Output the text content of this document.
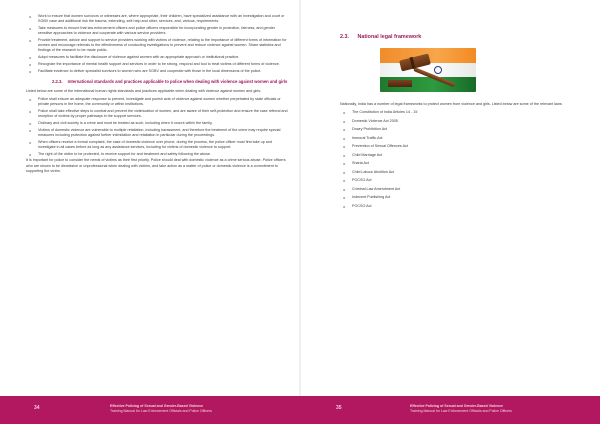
o Work to ensure that women survivors or witnesses are, where appropriate, their children, have specialized assistance with an investigation and court or SGBV case and additional risk the trauma, extending, self-help and other, services, and, various, requirements.
o Take measures to ensure that law enforcement officers and police officers responsible for incorporating gender in protection, fairness, and gender sensitive approaches to violence and cooperate with various service providers.
o Provide treatment, advice and support to service providers working with victims of violence, relating to the importance of different forms of information for women and encourage referrals to the effectiveness of conducting investigations to prevent and reduce violence against women. Share statistics and findings of the research to be made public.
o Adopt measures to facilitate the disclosure of violence against women with an appropriate approach or institutional practice.
o Recognize the importance of mental health support and services in order to be strong, respond and tool to treat victims of different forms of violence.
o Facilitate evidence to deliver specialist survivors to women who are SGBV and cooperate with those in the local dimensions of the police.
2.2.3. International standards and practices applicable to police when dealing with violence against women and girls

Listed below are some of the international human rights standards and practices applicable when dealing with violence against women and girls:

o Police shall ensure an adequate response to prevent, investigate and punish acts of violence against women whether perpetrated by state officials or private persons in the home, the community or within institutions.
o Police shall take effective steps to combat and prevent the victimization of women, and are aware of their self-protection and ensure the case referral and reception of victims by proper pathways in the support services.
o Ordinary and civil society is a crime and must be treated as such, including when it occurs within the family.
o Victims of domestic violence are vulnerable to multiple retaliation, including harassment, and therefore the treatment of the crime may require special measures including protection against further intimidation and retaliation in particular during the proceedings.
o When officers receive a formal complaint, the case of domestic violence over phone, during the process, the police officer must first take up and investigate in all cases before as long as any assistance services, including for victims of domestic violence to support.
o The right of the victim to be protected, to receive support for and treatment and safety following the abuse.

It is important for police to consider the needs of victims as their first priority. Police should deal with domestic violence as a crime serious abuse. Police officers who are shown to be dismissive or unprofessional when dealing with victims, and take action as a matter of police or domestic violence is a commitment to supporting the victim.

34	Effective Policing of Sexual and Gender-Based Violence
Training Manual for Law Enforcement Officials and Police Officers
2.3. National legal framework

Nationally, India has a number of legal frameworks to protect women from violence and girls. Listed below are some of the relevant laws:

o The Constitution of India Articles 14 - 15
o Domestic Violence Act 2005
o Dowry Prohibition Act
o Immoral Traffic Act
o Prevention of Sexual Offences Act
o Child Marriage Act
o Sharia Act
o Child Labour Abolition Act
o POCSO Act
o Criminal Law Amendment Act
o Indecent Publishing Act
o POCSO Act
35	Effective Policing of Sexual and Gender-Based Violence
Training Manual for Law Enforcement Officials and Police Officers
